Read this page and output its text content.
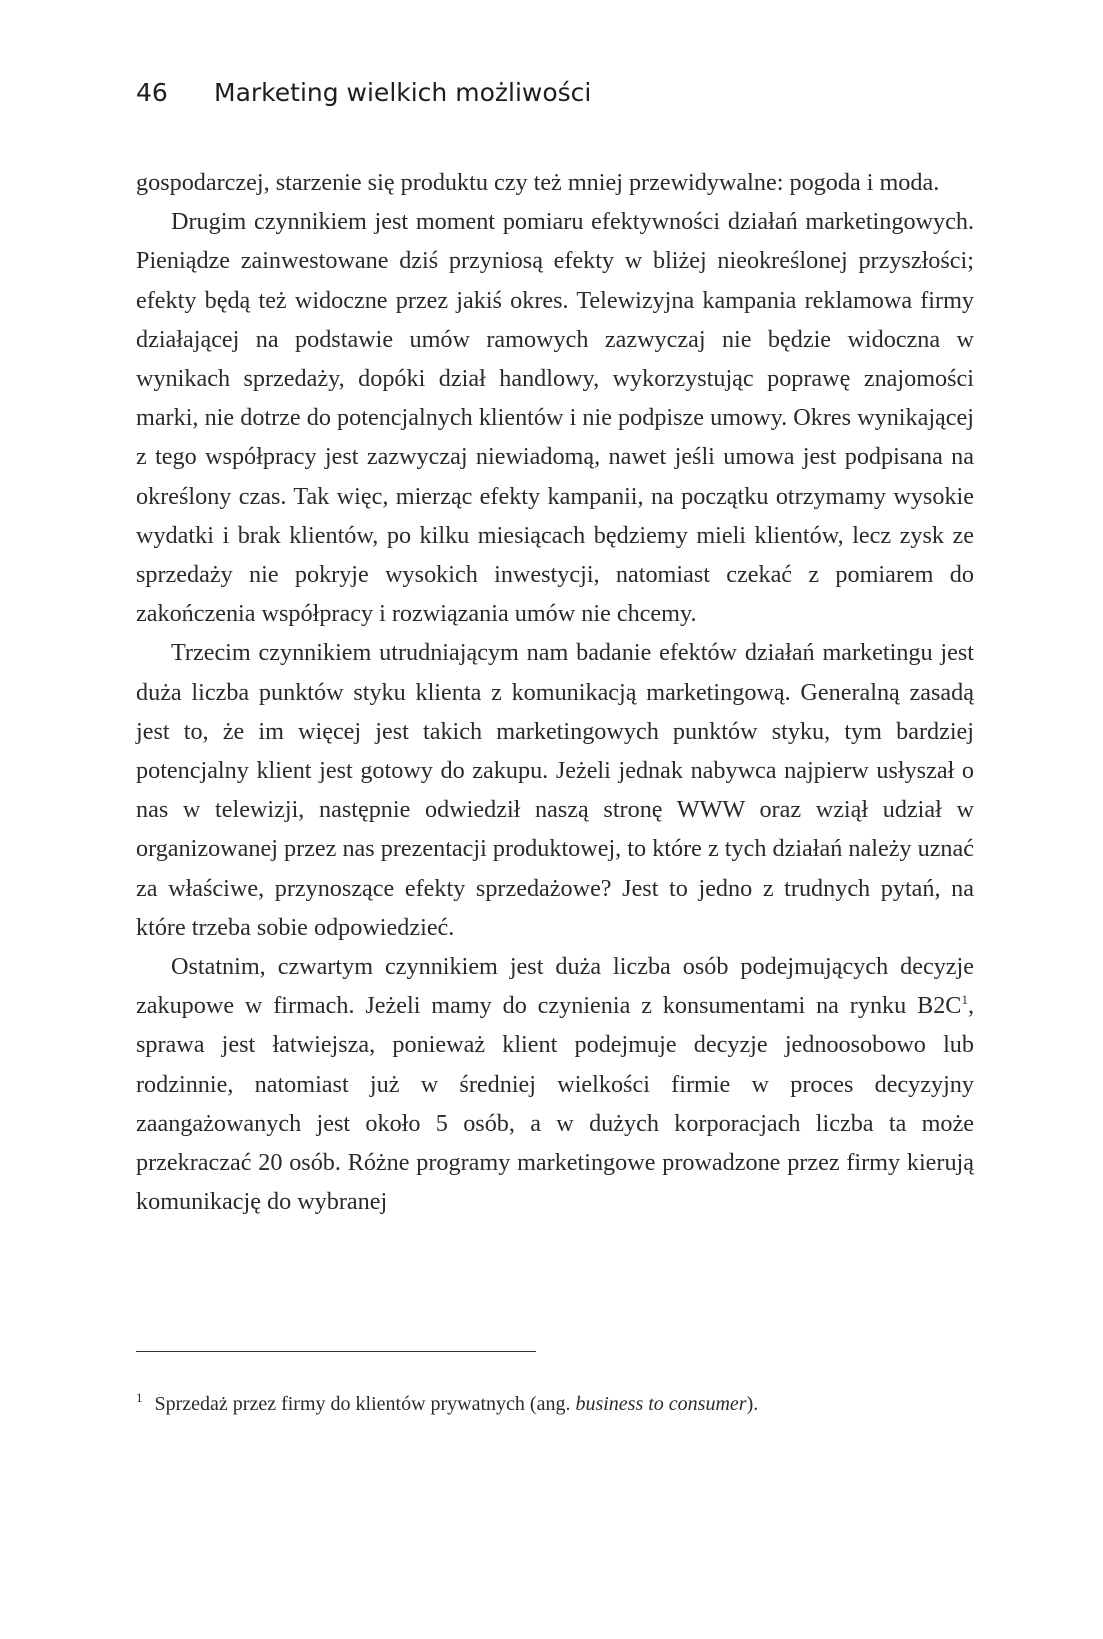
46 Marketing wielkich możliwości

gospodarczej, starzenie się produktu czy też mniej przewidywalne: pogoda i moda.

Drugim czynnikiem jest moment pomiaru efektywności działań marketingowych. Pieniądze zainwestowane dziś przyniosą efekty w bliżej nieokreślonej przyszłości; efekty będą też widoczne przez jakiś okres. Telewizyjna kampania reklamowa firmy działającej na podstawie umów ramowych zazwyczaj nie będzie widoczna w wynikach sprzedaży, dopóki dział handlowy, wykorzystując poprawę znajomości marki, nie dotrze do potencjalnych klientów i nie podpisze umowy. Okres wynikającej z tego współpracy jest zazwyczaj niewiadomą, nawet jeśli umowa jest podpisana na określony czas. Tak więc, mierząc efekty kampanii, na początku otrzymamy wysokie wydatki i brak klientów, po kilku miesiącach będziemy mieli klientów, lecz zysk ze sprzedaży nie pokryje wysokich inwestycji, natomiast czekać z pomiarem do zakończenia współpracy i rozwiązania umów nie chcemy.

Trzecim czynnikiem utrudniającym nam badanie efektów działań marketingu jest duża liczba punktów styku klienta z komunikacją marketingową. Generalną zasadą jest to, że im więcej jest takich marketingowych punktów styku, tym bardziej potencjalny klient jest gotowy do zakupu. Jeżeli jednak nabywca najpierw usłyszał o nas w telewizji, następnie odwiedził naszą stronę WWW oraz wziął udział w organizowanej przez nas prezentacji produktowej, to które z tych działań należy uznać za właściwe, przynoszące efekty sprzedażowe? Jest to jedno z trudnych pytań, na które trzeba sobie odpowiedzieć.

Ostatnim, czwartym czynnikiem jest duża liczba osób podejmujących decyzje zakupowe w firmach. Jeżeli mamy do czynienia z konsumentami na rynku B2C$^1$, sprawa jest łatwiejsza, ponieważ klient podejmuje decyzje jednoosobowo lub rodzinnie, natomiast już w średniej wielkości firmie w proces decyzyjny zaangażowanych jest około 5 osób, a w dużych korporacjach liczba ta może przekraczać 20 osób. Różne programy marketingowe prowadzone przez firmy kierują komunikację do wybranej

$^1$ Sprzedaż przez firmy do klientów prywatnych (ang. business to consumer).
